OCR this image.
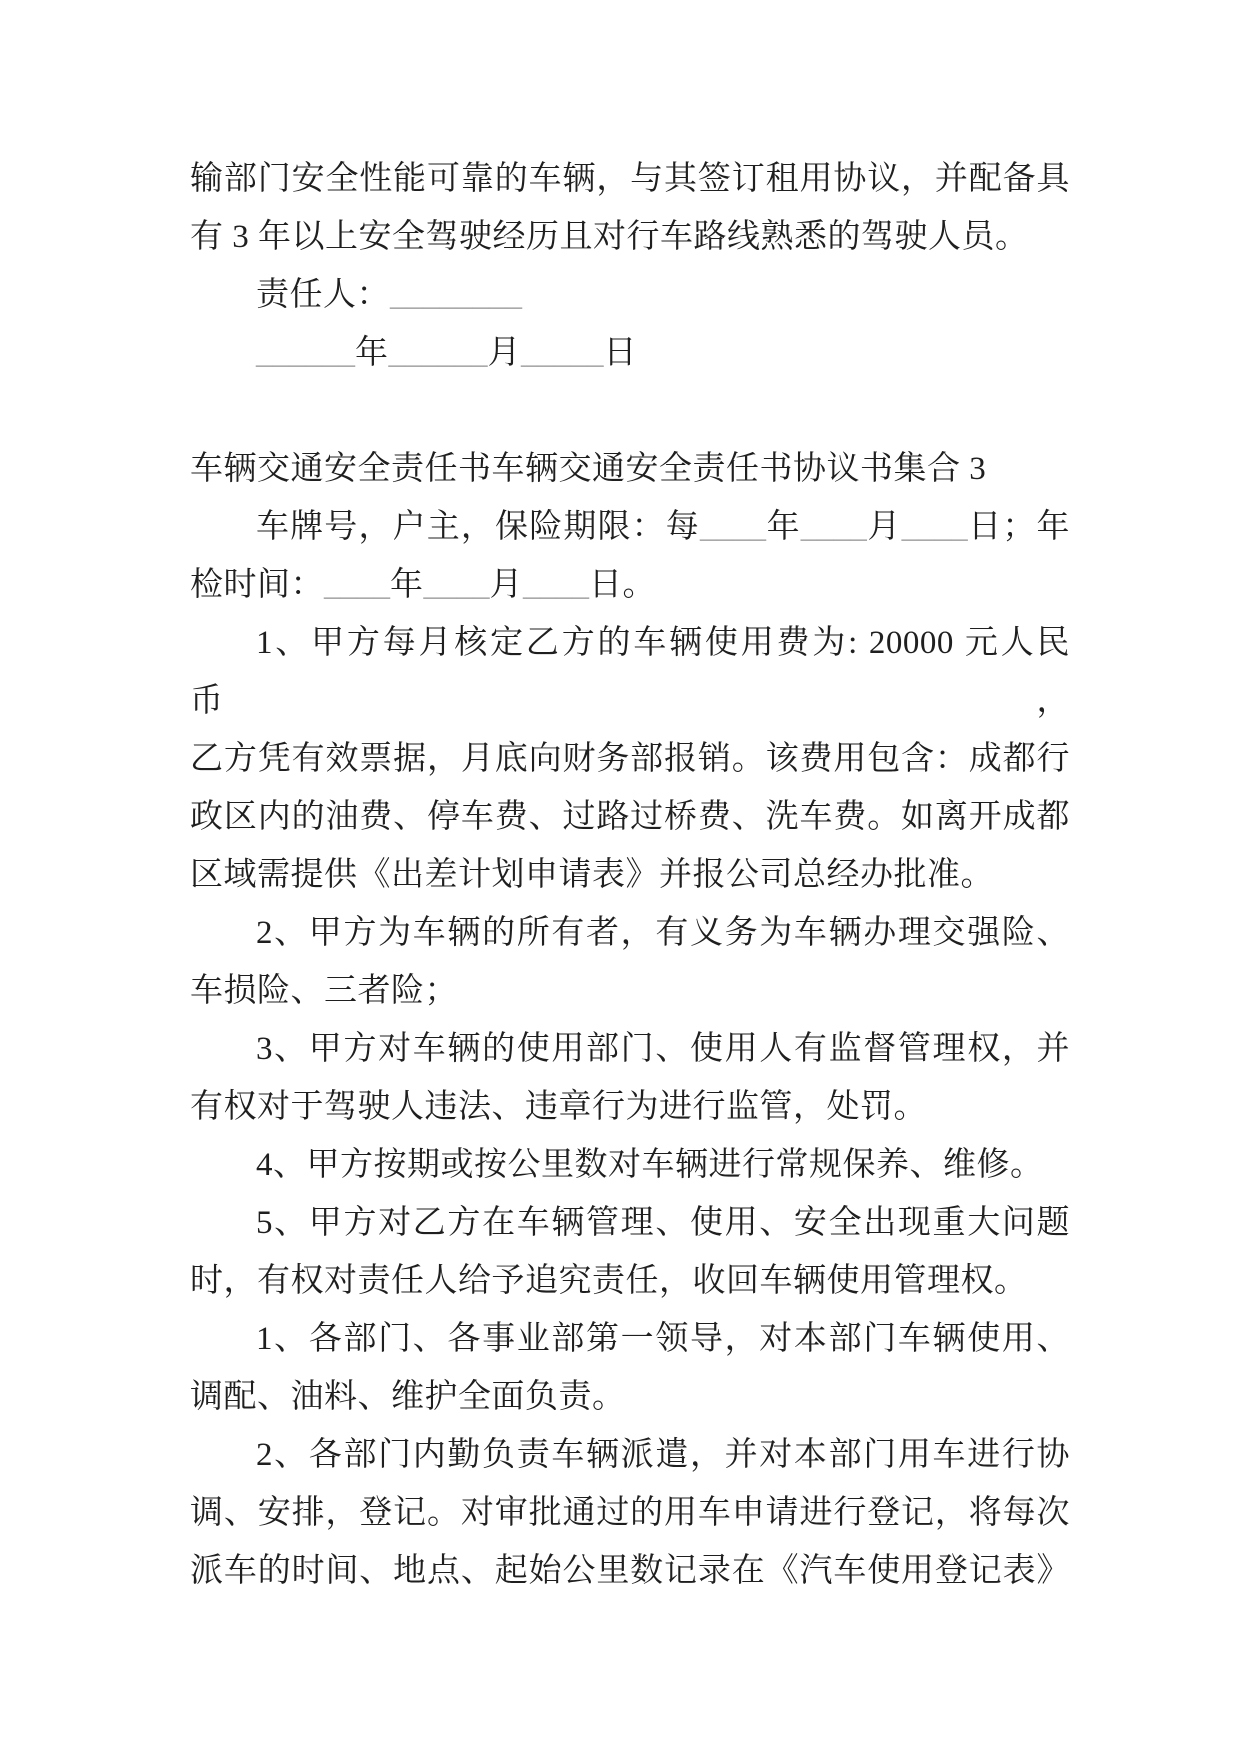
输部门安全性能可靠的车辆，与其签订租用协议，并配备具
有 3 年以上安全驾驶经历且对行车路线熟悉的驾驶人员。
责任人：________
______年______月_____日

车辆交通安全责任书车辆交通安全责任书协议书集合 3
车牌号，户主，保险期限：每____年____月____日；年
检时间：____年____月____日。
1、甲方每月核定乙方的车辆使用费为: 20000 元人民币，
乙方凭有效票据，月底向财务部报销。该费用包含：成都行
政区内的油费、停车费、过路过桥费、洗车费。如离开成都
区域需提供《出差计划申请表》并报公司总经办批准。
2、甲方为车辆的所有者，有义务为车辆办理交强险、
车损险、三者险；
3、甲方对车辆的使用部门、使用人有监督管理权，并
有权对于驾驶人违法、违章行为进行监管，处罚。
4、甲方按期或按公里数对车辆进行常规保养、维修。
5、甲方对乙方在车辆管理、使用、安全出现重大问题
时，有权对责任人给予追究责任，收回车辆使用管理权。
1、各部门、各事业部第一领导，对本部门车辆使用、
调配、油料、维护全面负责。
2、各部门内勤负责车辆派遣，并对本部门用车进行协
调、安排，登记。对审批通过的用车申请进行登记，将每次
派车的时间、地点、起始公里数记录在《汽车使用登记表》
